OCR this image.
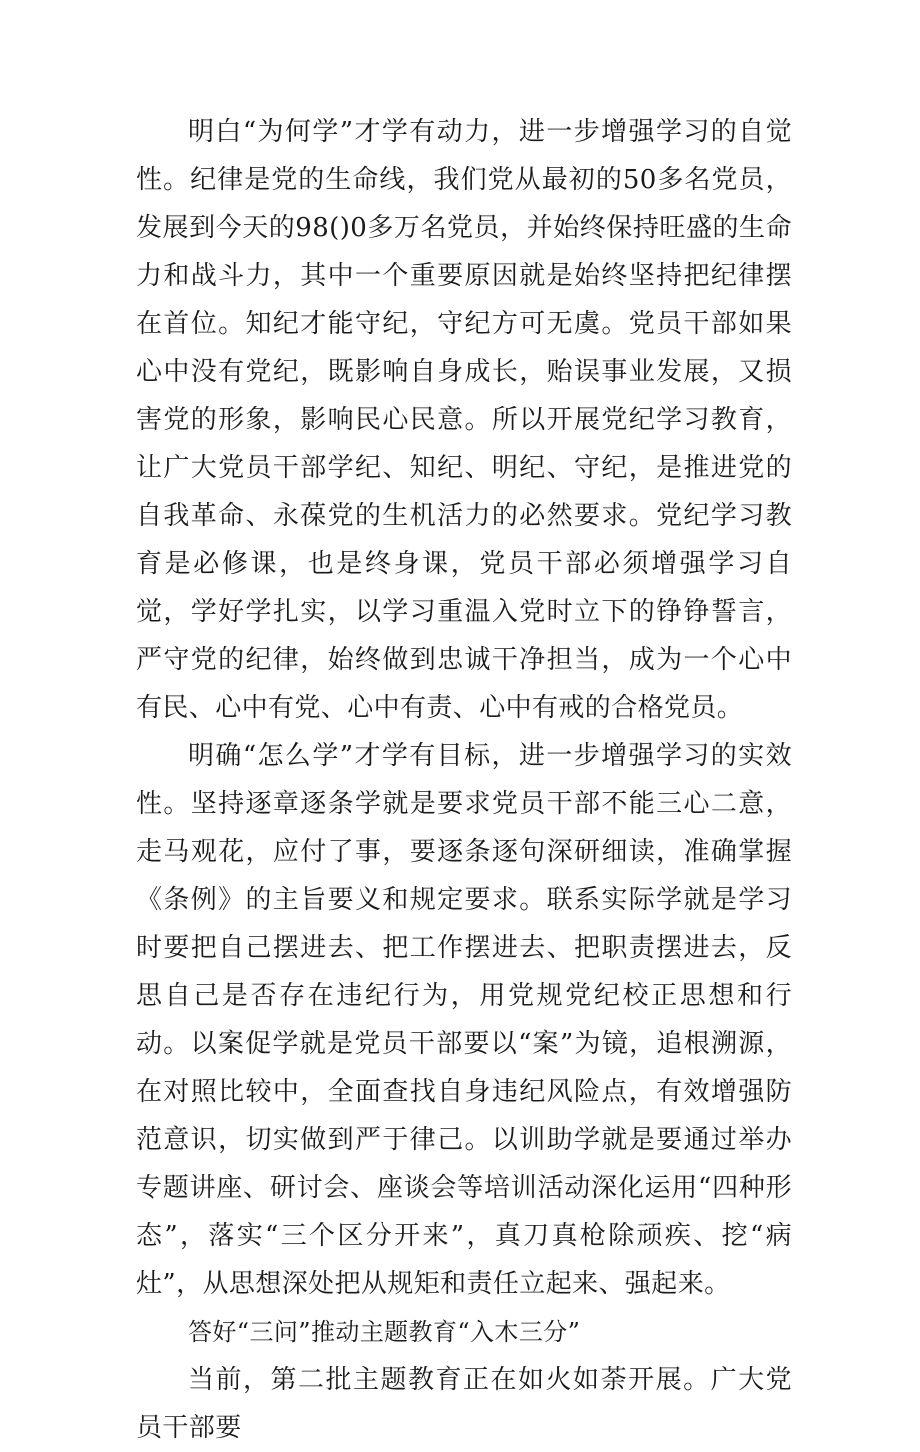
明白“为何学”才学有动力，进一步增强学习的自觉性。纪律是党的生命线，我们党从最初的50多名党员，发展到今天的98()0多万名党员，并始终保持旺盛的生命力和战斗力，其中一个重要原因就是始终坚持把纪律摆在首位。知纪才能守纪，守纪方可无虞。党员干部如果心中没有党纪，既影响自身成长，贻误事业发展，又损害党的形象，影响民心民意。所以开展党纪学习教育，让广大党员干部学纪、知纪、明纪、守纪，是推进党的自我革命、永葆党的生机活力的必然要求。党纪学习教育是必修课，也是终身课，党员干部必须增强学习自觉，学好学扎实，以学习重温入党时立下的铮铮誓言，严守党的纪律，始终做到忠诚干净担当，成为一个心中有民、心中有党、心中有责、心中有戒的合格党员。

明确“怎么学”才学有目标，进一步增强学习的实效性。坚持逐章逐条学就是要求党员干部不能三心二意，走马观花，应付了事，要逐条逐句深研细读，准确掌握《条例》的主旨要义和规定要求。联系实际学就是学习时要把自己摆进去、把工作摆进去、把职责摆进去，反思自己是否存在违纪行为，用党规党纪校正思想和行动。以案促学就是党员干部要以“案”为镜，追根溯源，在对照比较中，全面查找自身违纪风险点，有效增强防范意识，切实做到严于律己。以训助学就是要通过举办专题讲座、研讨会、座谈会等培训活动深化运用“四种形态”，落实“三个区分开来”，真刀真枪除顽疾、挖“病灶”，从思想深处把从规矩和责任立起来、强起来。

答好“三问”推动主题教育“入木三分”

当前，第二批主题教育正在如火如荼开展。广大党员干部要
